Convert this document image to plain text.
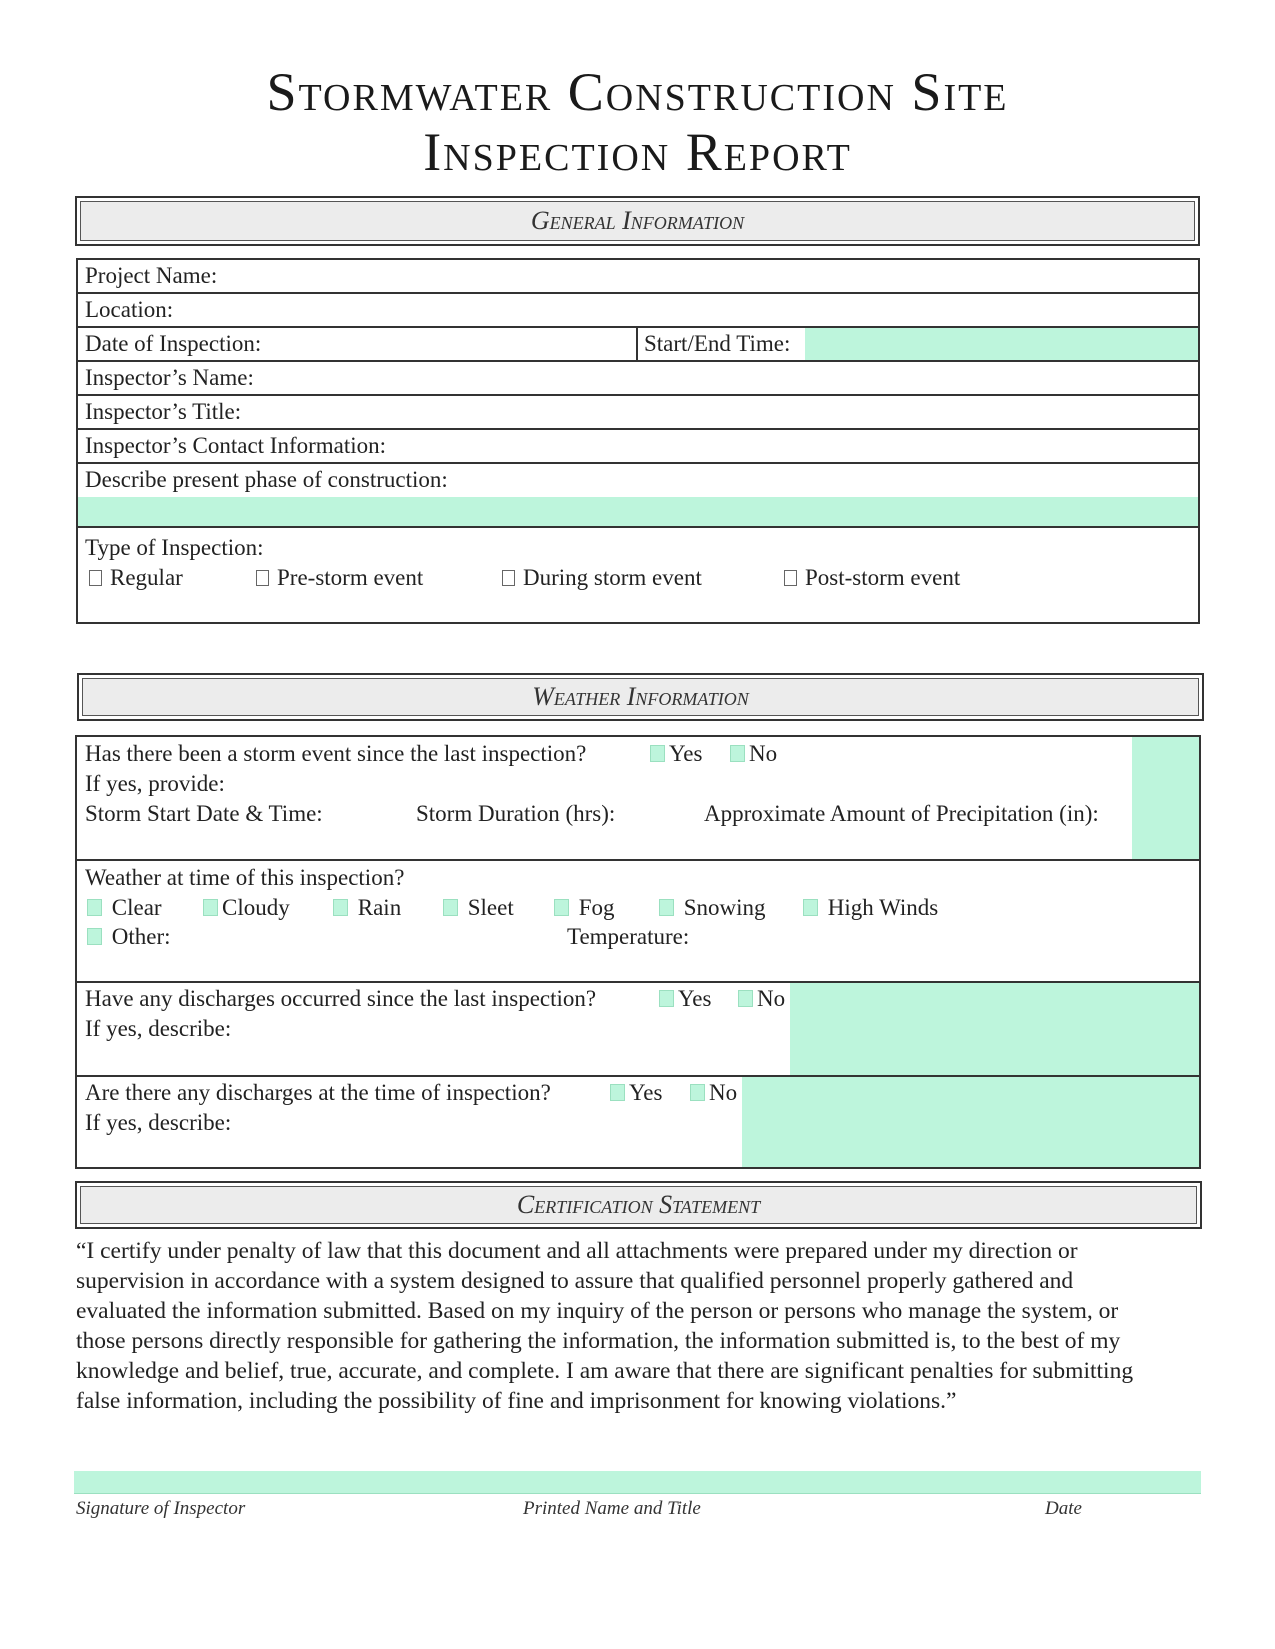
Stormwater Construction Site
Inspection Report
General Information
Project Name:
Location:
Date of Inspection:	Start/End Time:
Inspector’s Name:
Inspector’s Title:
Inspector’s Contact Information:
Describe present phase of construction:
Type of Inspection:
Regular	Pre-storm event	During storm event	Post-storm event
Weather Information
Has there been a storm event since the last inspection?	Yes	No
If yes, provide:
Storm Start Date & Time:	Storm Duration (hrs):	Approximate Amount of Precipitation (in):
Weather at time of this inspection?
Clear	Cloudy	Rain	Sleet	Fog	Snowing	High Winds
Other:	Temperature:
Have any discharges occurred since the last inspection?	Yes	No
If yes, describe:
Are there any discharges at the time of inspection?	Yes	No
If yes, describe:
Certification Statement
“I certify under penalty of law that this document and all attachments were prepared under my direction or
supervision in accordance with a system designed to assure that qualified personnel properly gathered and
evaluated the information submitted. Based on my inquiry of the person or persons who manage the system, or
those persons directly responsible for gathering the information, the information submitted is, to the best of my
knowledge and belief, true, accurate, and complete. I am aware that there are significant penalties for submitting
false information, including the possibility of fine and imprisonment for knowing violations.”
Signature of Inspector	Printed Name and Title	Date
